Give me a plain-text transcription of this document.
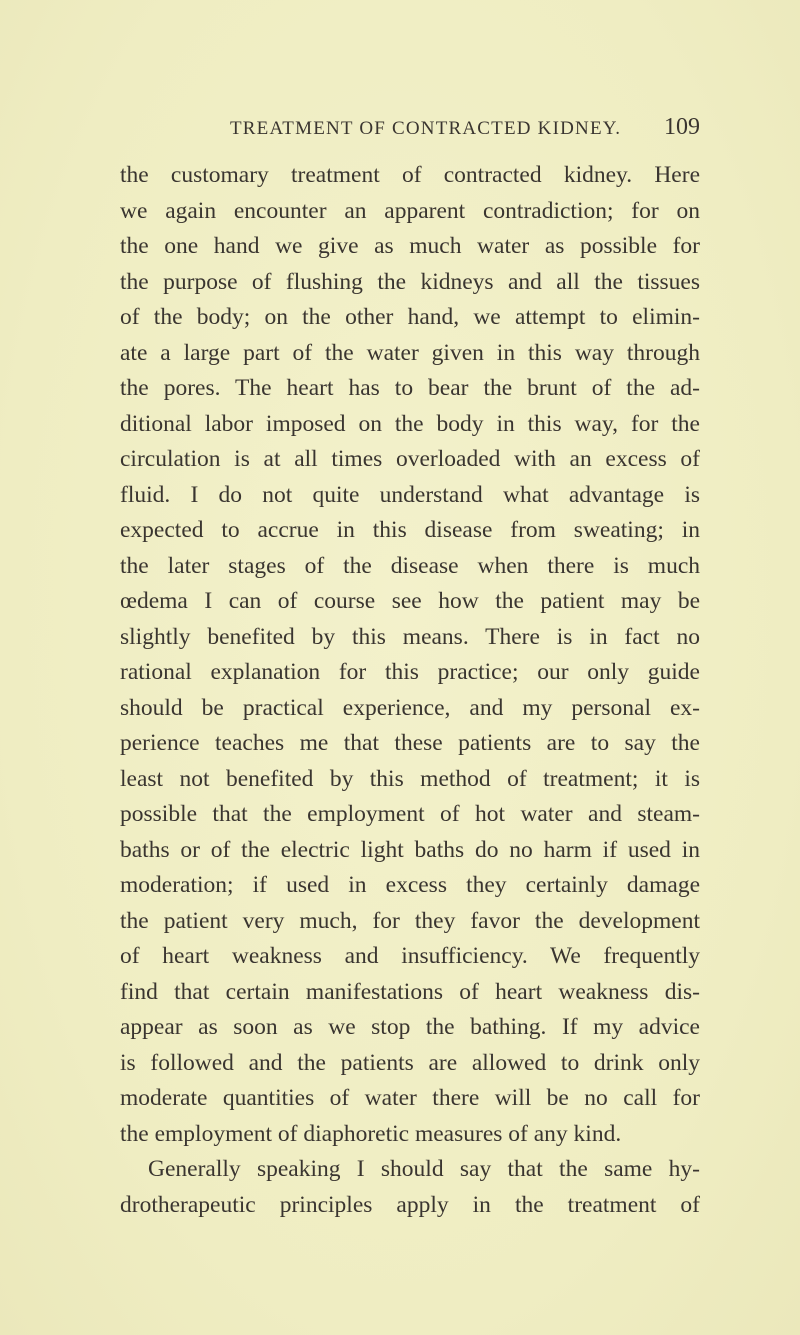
TREATMENT OF CONTRACTED KIDNEY. 109
the customary treatment of contracted kidney. Here
we again encounter an apparent contradiction; for on
the one hand we give as much water as possible for
the purpose of flushing the kidneys and all the tissues
of the body; on the other hand, we attempt to elimin-
ate a large part of the water given in this way through
the pores. The heart has to bear the brunt of the ad-
ditional labor imposed on the body in this way, for the
circulation is at all times overloaded with an excess of
fluid. I do not quite understand what advantage is
expected to accrue in this disease from sweating; in
the later stages of the disease when there is much
œdema I can of course see how the patient may be
slightly benefited by this means. There is in fact no
rational explanation for this practice; our only guide
should be practical experience, and my personal ex-
perience teaches me that these patients are to say the
least not benefited by this method of treatment; it is
possible that the employment of hot water and steam-
baths or of the electric light baths do no harm if used in
moderation; if used in excess they certainly damage
the patient very much, for they favor the development
of heart weakness and insufficiency. We frequently
find that certain manifestations of heart weakness dis-
appear as soon as we stop the bathing. If my advice
is followed and the patients are allowed to drink only
moderate quantities of water there will be no call for
the employment of diaphoretic measures of any kind.
Generally speaking I should say that the same hy-
drotherapeutic principles apply in the treatment of
